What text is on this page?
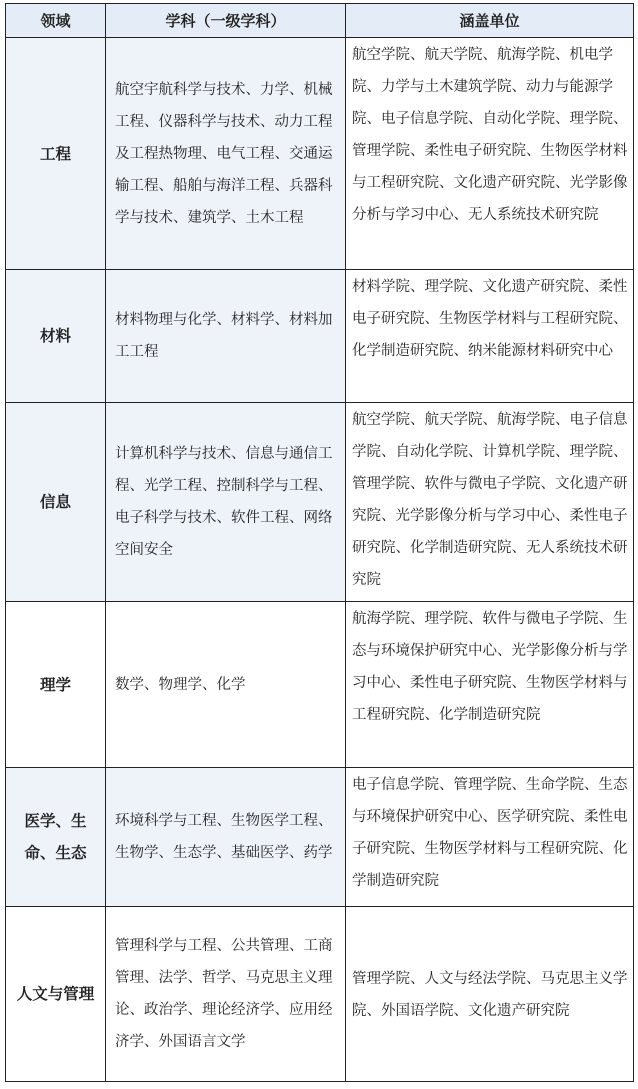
领域	学科（一级学科）	涵盖单位
工程	航空宇航科学与技术、力学、机械工程、仪器科学与技术、动力工程及工程热物理、电气工程、交通运输工程、船舶与海洋工程、兵器科学与技术、建筑学、土木工程	航空学院、航天学院、航海学院、机电学院、力学与土木建筑学院、动力与能源学院、电子信息学院、自动化学院、理学院、管理学院、柔性电子研究院、生物医学材料与工程研究院、文化遗产研究院、光学影像分析与学习中心、无人系统技术研究院
材料	材料物理与化学、材料学、材料加工工程	材料学院、理学院、文化遗产研究院、柔性电子研究院、生物医学材料与工程研究院、化学制造研究院、纳米能源材料研究中心
信息	计算机科学与技术、信息与通信工程、光学工程、控制科学与工程、电子科学与技术、软件工程、网络空间安全	航空学院、航天学院、航海学院、电子信息学院、自动化学院、计算机学院、理学院、管理学院、软件与微电子学院、文化遗产研究院、光学影像分析与学习中心、柔性电子研究院、化学制造研究院、无人系统技术研究院
理学	数学、物理学、化学	航海学院、理学院、软件与微电子学院、生态与环境保护研究中心、光学影像分析与学习中心、柔性电子研究院、生物医学材料与工程研究院、化学制造研究院
医学、生命、生态	环境科学与工程、生物医学工程、生物学、生态学、基础医学、药学	电子信息学院、管理学院、生命学院、生态与环境保护研究中心、医学研究院、柔性电子研究院、生物医学材料与工程研究院、化学制造研究院
人文与管理	管理科学与工程、公共管理、工商管理、法学、哲学、马克思主义理论、政治学、理论经济学、应用经济学、外国语言文学	管理学院、人文与经法学院、马克思主义学院、外国语学院、文化遗产研究院
